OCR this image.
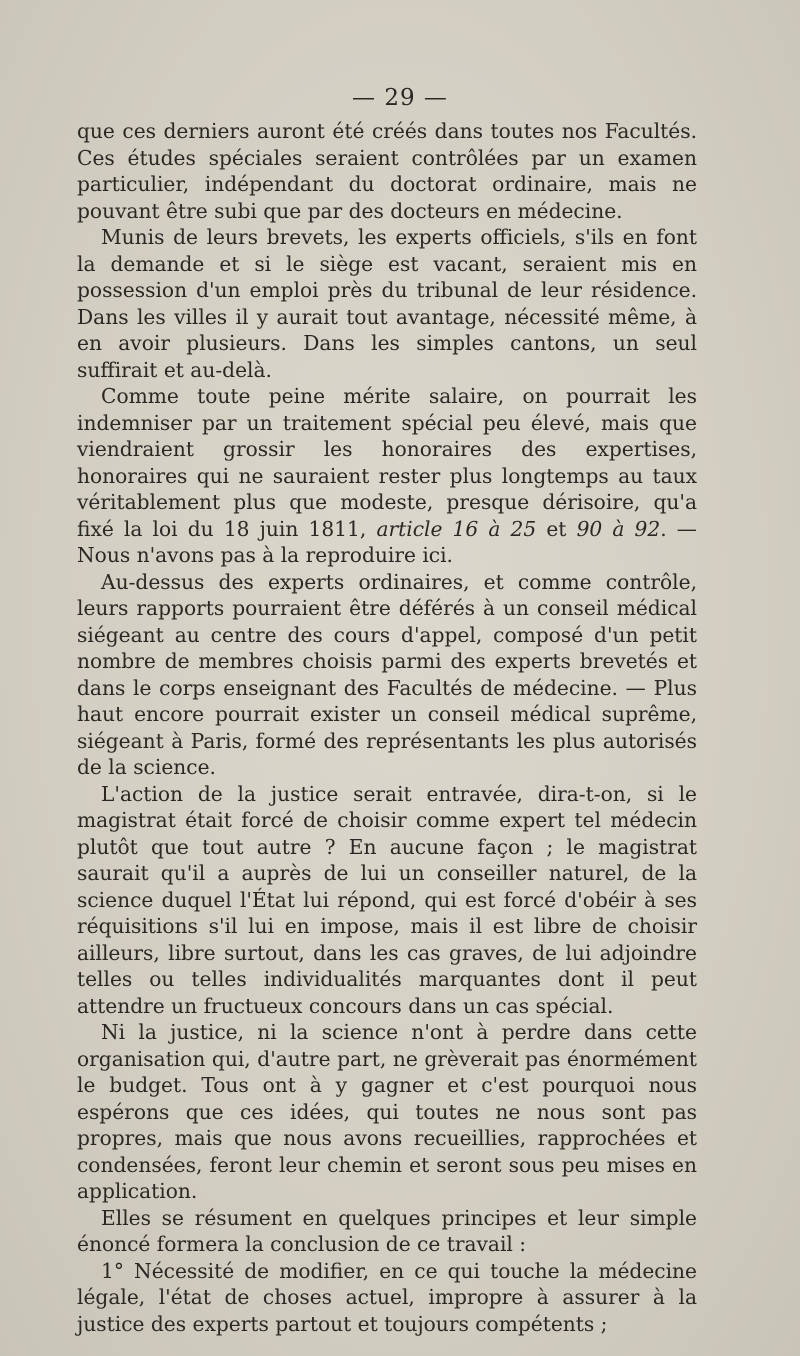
— 29 —

que ces derniers auront été créés dans toutes nos Facultés. Ces études spéciales seraient contrôlées par un examen particulier, indépendant du doctorat ordinaire, mais ne pouvant être subi que par des docteurs en médecine.

Munis de leurs brevets, les experts officiels, s'ils en font la demande et si le siège est vacant, seraient mis en possession d'un emploi près du tribunal de leur résidence. Dans les villes il y aurait tout avantage, nécessité même, à en avoir plusieurs. Dans les simples cantons, un seul suffirait et au-delà.

Comme toute peine mérite salaire, on pourrait les indemniser par un traitement spécial peu élevé, mais que viendraient grossir les honoraires des expertises, honoraires qui ne sauraient rester plus longtemps au taux véritablement plus que modeste, presque dérisoire, qu'a fixé la loi du 18 juin 1811, article 16 à 25 et 90 à 92. — Nous n'avons pas à la reproduire ici.

Au-dessus des experts ordinaires, et comme contrôle, leurs rapports pourraient être déférés à un conseil médical siégeant au centre des cours d'appel, composé d'un petit nombre de membres choisis parmi des experts brevetés et dans le corps enseignant des Facultés de médecine. — Plus haut encore pourrait exister un conseil médical suprême, siégeant à Paris, formé des représentants les plus autorisés de la science.

L'action de la justice serait entravée, dira-t-on, si le magistrat était forcé de choisir comme expert tel médecin plutôt que tout autre ? En aucune façon ; le magistrat saurait qu'il a auprès de lui un conseiller naturel, de la science duquel l'État lui répond, qui est forcé d'obéir à ses réquisitions s'il lui en impose, mais il est libre de choisir ailleurs, libre surtout, dans les cas graves, de lui adjoindre telles ou telles individualités marquantes dont il peut attendre un fructueux concours dans un cas spécial.

Ni la justice, ni la science n'ont à perdre dans cette organisation qui, d'autre part, ne grèverait pas énormément le budget. Tous ont à y gagner et c'est pourquoi nous espérons que ces idées, qui toutes ne nous sont pas propres, mais que nous avons recueillies, rapprochées et condensées, feront leur chemin et seront sous peu mises en application.

Elles se résument en quelques principes et leur simple énoncé formera la conclusion de ce travail :

1° Nécessité de modifier, en ce qui touche la médecine légale, l'état de choses actuel, impropre à assurer à la justice des experts partout et toujours compétents ;
